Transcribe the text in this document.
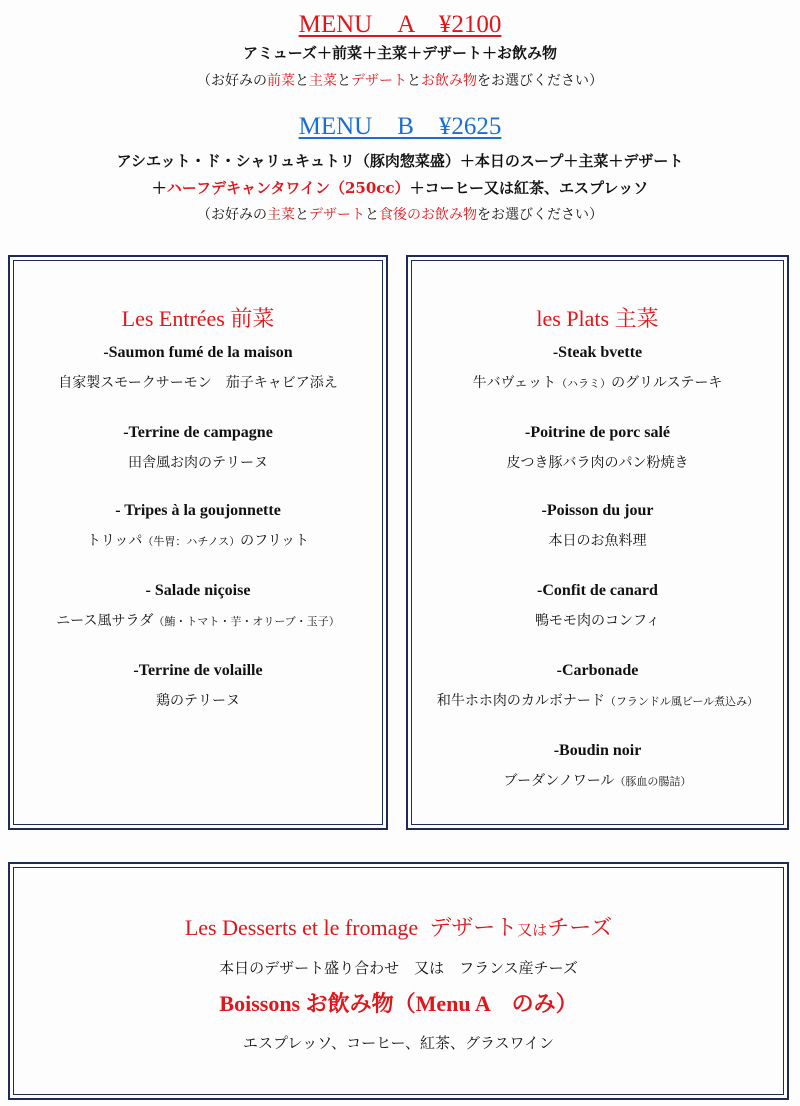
MENU　A　¥2100
アミューズ＋前菜＋主菜＋デザート＋お飲み物
（お好みの前菜と主菜とデザートとお飲み物をお選びください）
MENU　B　¥2625
アシエット・ド・シャリュキュトリ（豚肉惣菜盛）＋本日のスープ＋主菜＋デザート
＋ハーフデキャンタワイン（250cc）＋コーヒー又は紅茶、エスプレッソ
（お好みの主菜とデザートと食後のお飲み物をお選びください）
Les Entrées 前菜
-Saumon fumé de la maison
自家製スモークサーモン　茄子キャビア添え
-Terrine de campagne
田舎風お肉のテリーヌ
- Tripes à la goujonnette
トリッパ（牛胃：ハチノス）のフリット
- Salade niçoise
ニース風サラダ（鮪・トマト・芋・オリーブ・玉子）
-Terrine de volaille
鶏のテリーヌ
les Plats 主菜
-Steak bvette
牛バヴェット（ハラミ）のグリルステーキ
-Poitrine de porc salé
皮つき豚バラ肉のパン粉焼き
-Poisson du jour
本日のお魚料理
-Confit de canard
鴨モモ肉のコンフィ
-Carbonade
和牛ホホ肉のカルボナード（フランドル風ビール煮込み）
-Boudin noir
ブーダンノワール（豚血の腸詰）
Les Desserts et le fromage デザート又はチーズ
本日のデザート盛り合わせ　又は　フランス産チーズ
Boissons お飲み物（Menu A　のみ）
エスプレッソ、コーヒー、紅茶、グラスワイン
